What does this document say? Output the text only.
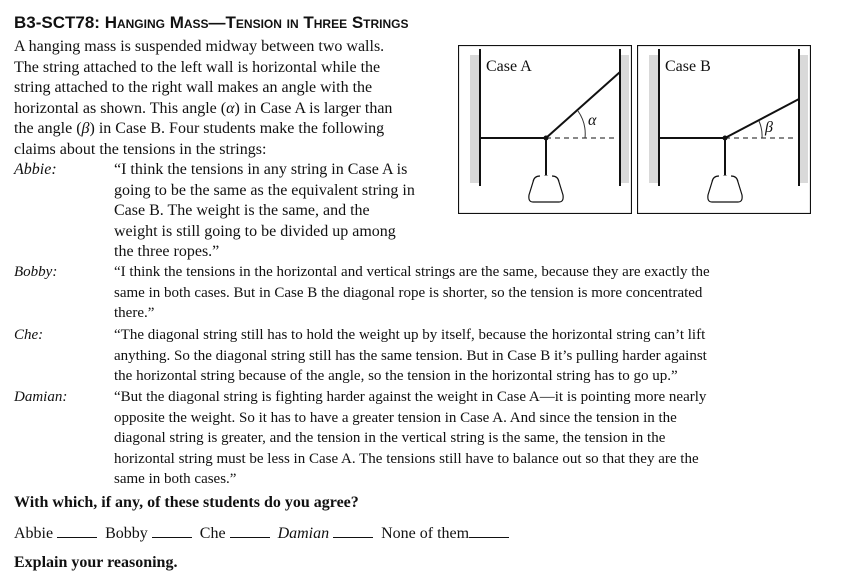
B3-SCT78: Hanging Mass—Tension in Three Strings
A hanging mass is suspended midway between two walls.
The string attached to the left wall is horizontal while the
string attached to the right wall makes an angle with the
horizontal as shown. This angle (α) in Case A is larger than
the angle (β) in Case B. Four students make the following
claims about the tensions in the strings:
Case A
α
Case B
β
Abbie:	“I think the tensions in any string in Case A is
going to be the same as the equivalent string in
Case B. The weight is the same, and the
weight is still going to be divided up among
the three ropes.”
Bobby:	“I think the tensions in the horizontal and vertical strings are the same, because they are exactly the
same in both cases. But in Case B the diagonal rope is shorter, so the tension is more concentrated
there.”
Che:	“The diagonal string still has to hold the weight up by itself, because the horizontal string can’t lift
anything. So the diagonal string still has the same tension. But in Case B it’s pulling harder against
the horizontal string because of the angle, so the tension in the horizontal string has to go up.”
Damian:	“But the diagonal string is fighting harder against the weight in Case A—it is pointing more nearly
opposite the weight. So it has to have a greater tension in Case A. And since the tension in the
diagonal string is greater, and the tension in the vertical string is the same, the tension in the
horizontal string must be less in Case A. The tensions still have to balance out so that they are the
same in both cases.”
With which, if any, of these students do you agree?
Abbie	Bobby	Che	Damian	None of them
Explain your reasoning.
